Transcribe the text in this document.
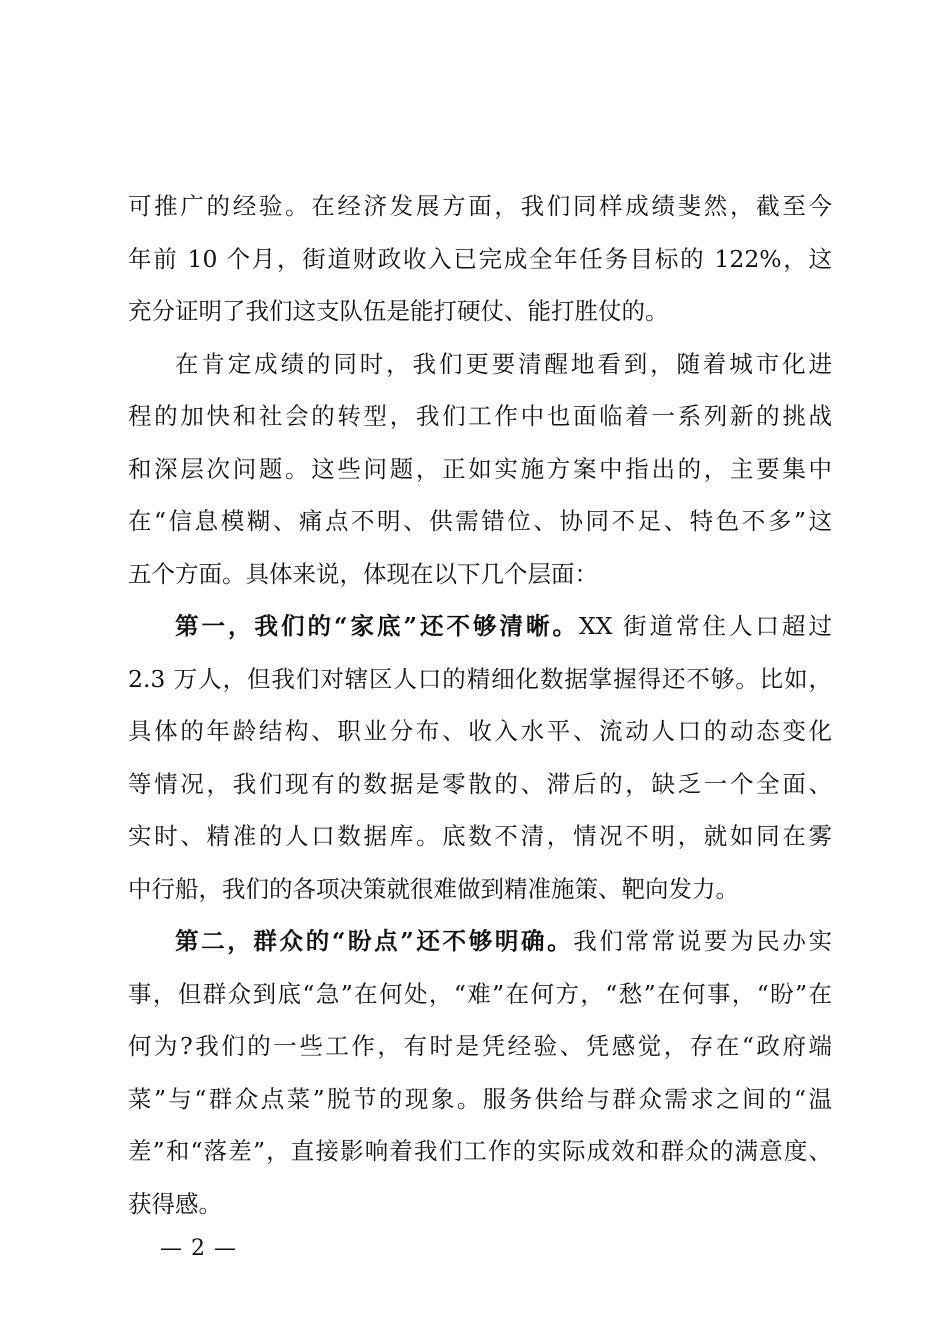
可推广的经验。在经济发展方面，我们同样成绩斐然，截至今
年前 10 个月，街道财政收入已完成全年任务目标的 122%，这
充分证明了我们这支队伍是能打硬仗、能打胜仗的。
在肯定成绩的同时，我们更要清醒地看到，随着城市化进
程的加快和社会的转型，我们工作中也面临着一系列新的挑战
和深层次问题。这些问题，正如实施方案中指出的，主要集中
在“信息模糊、痛点不明、供需错位、协同不足、特色不多”这
五个方面。具体来说，体现在以下几个层面：
第一，我们的“家底”还不够清晰。XX 街道常住人口超过
2.3 万人，但我们对辖区人口的精细化数据掌握得还不够。比如，
具体的年龄结构、职业分布、收入水平、流动人口的动态变化
等情况，我们现有的数据是零散的、滞后的，缺乏一个全面、
实时、精准的人口数据库。底数不清，情况不明，就如同在雾
中行船，我们的各项决策就很难做到精准施策、靶向发力。
第二，群众的“盼点”还不够明确。我们常常说要为民办实
事，但群众到底“急”在何处，“难”在何方，“愁”在何事，“盼”在
何为?我们的一些工作，有时是凭经验、凭感觉，存在“政府端
菜”与“群众点菜”脱节的现象。服务供给与群众需求之间的“温
差”和“落差”，直接影响着我们工作的实际成效和群众的满意度、
获得感。
— 2 —
